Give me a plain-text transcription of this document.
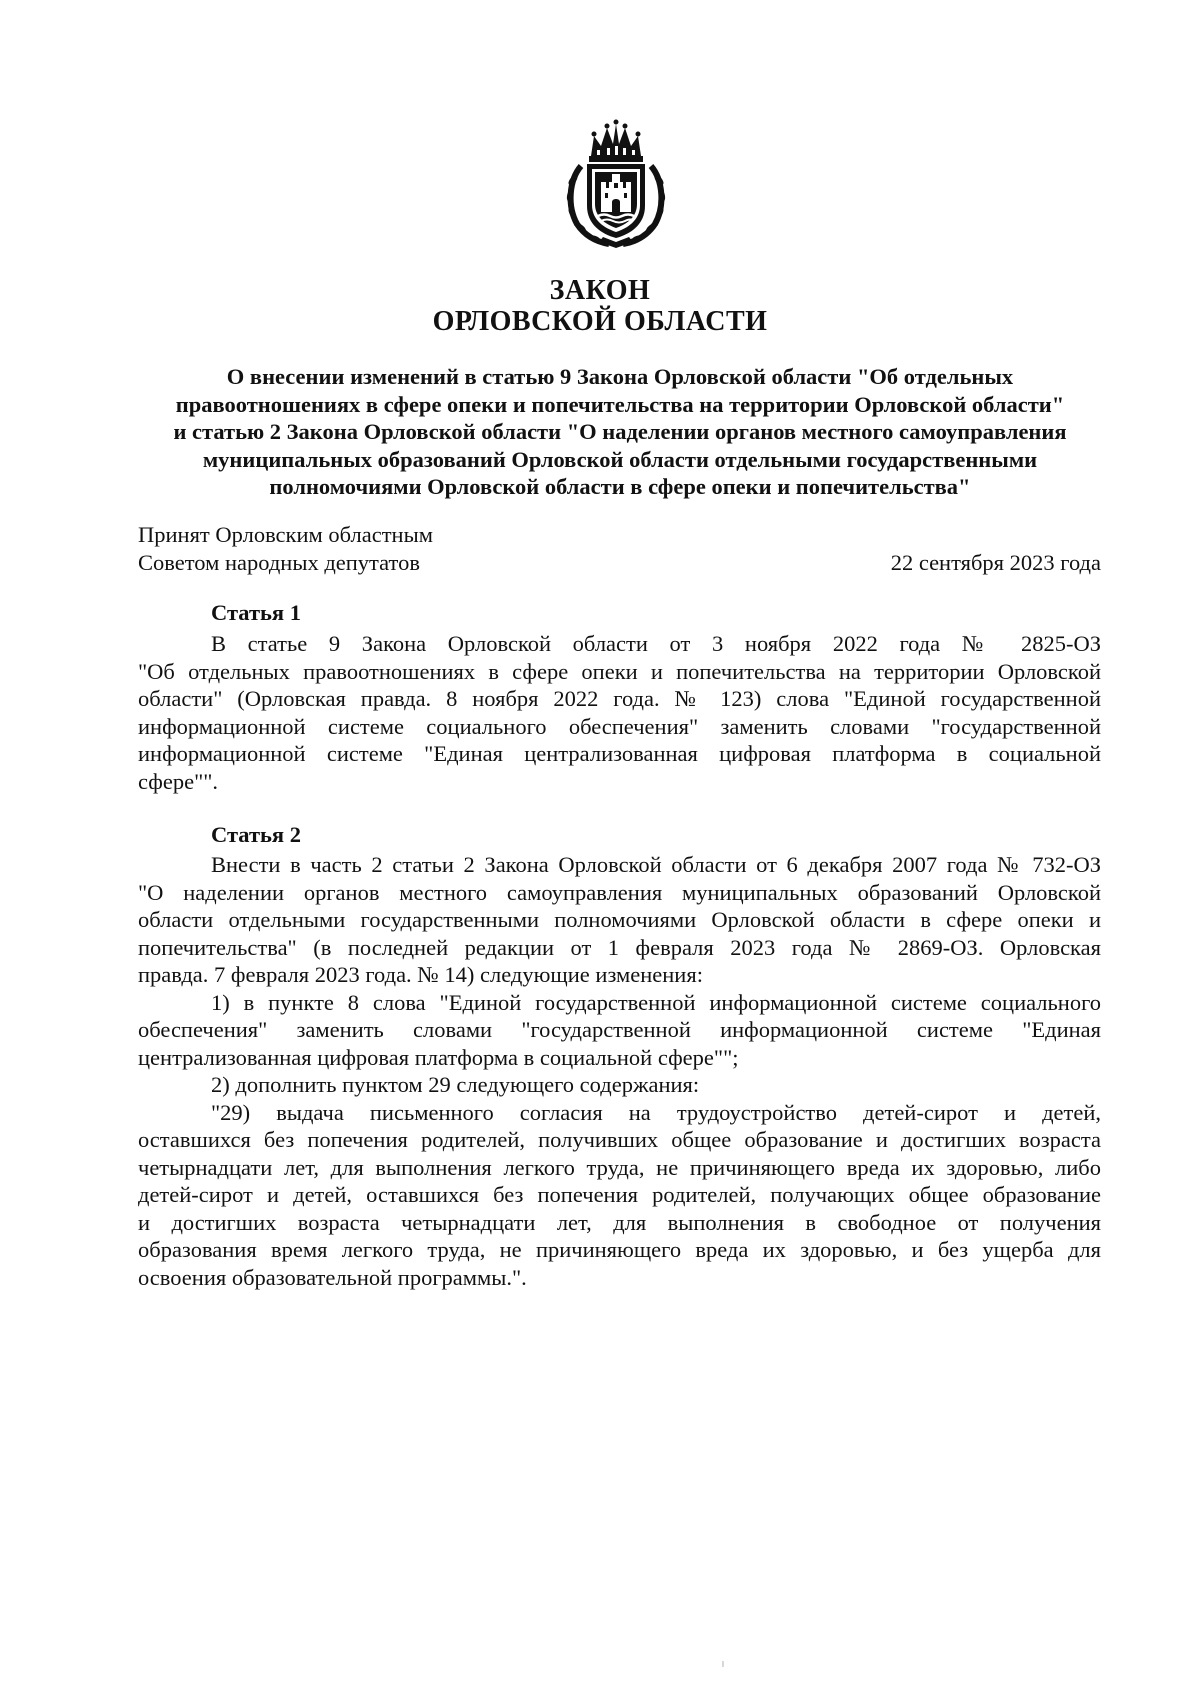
ЗАКОН
ОРЛОВСКОЙ ОБЛАСТИ
О внесении изменений в статью 9 Закона Орловской области "Об отдельных
правоотношениях в сфере опеки и попечительства на территории Орловской области"
и статью 2 Закона Орловской области "О наделении органов местного самоуправления
муниципальных образований Орловской области отдельными государственными
полномочиями Орловской области в сфере опеки и попечительства"

Принят Орловским областным
Советом народных депутатов	22 сентября 2023 года

Статья 1
В статье 9 Закона Орловской области от 3 ноября 2022 года № 2825-ОЗ
"Об отдельных правоотношениях в сфере опеки и попечительства на территории Орловской
области" (Орловская правда. 8 ноября 2022 года. № 123) слова "Единой государственной
информационной системе социального обеспечения" заменить словами "государственной
информационной системе "Единая централизованная цифровая платформа в социальной
сфере"".
Статья 2
Внести в часть 2 статьи 2 Закона Орловской области от 6 декабря 2007 года № 732-ОЗ
"О наделении органов местного самоуправления муниципальных образований Орловской
области отдельными государственными полномочиями Орловской области в сфере опеки и
попечительства" (в последней редакции от 1 февраля 2023 года № 2869-ОЗ. Орловская
правда. 7 февраля 2023 года. № 14) следующие изменения:
1) в пункте 8 слова "Единой государственной информационной системе социального
обеспечения" заменить словами "государственной информационной системе "Единая
централизованная цифровая платформа в социальной сфере"";
2) дополнить пунктом 29 следующего содержания:
"29) выдача письменного согласия на трудоустройство детей-сирот и детей,
оставшихся без попечения родителей, получивших общее образование и достигших возраста
четырнадцати лет, для выполнения легкого труда, не причиняющего вреда их здоровью, либо
детей-сирот и детей, оставшихся без попечения родителей, получающих общее образование
и достигших возраста четырнадцати лет, для выполнения в свободное от получения
образования время легкого труда, не причиняющего вреда их здоровью, и без ущерба для
освоения образовательной программы.".
